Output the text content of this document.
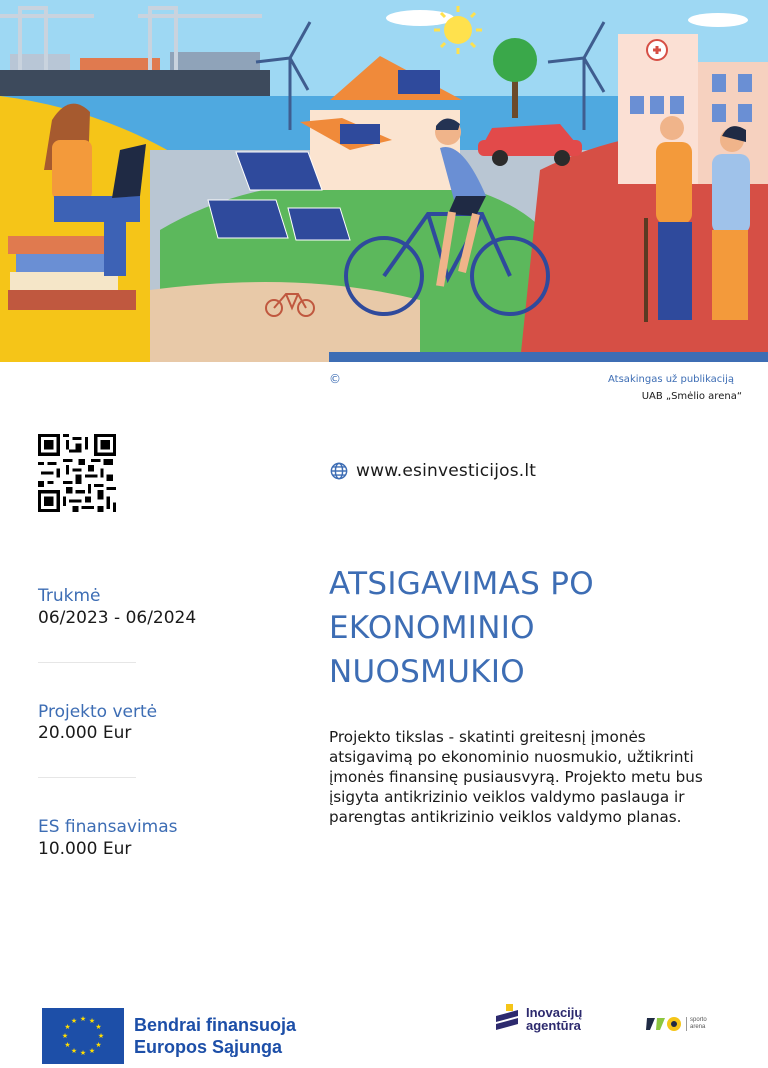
©	Atsakingas už publikaciją
UAB „Smėlio arena“
www.esinvesticijos.lt
Trukmė
06/2023 - 06/2024
Projekto vertė
20.000 Eur
ES finansavimas
10.000 Eur
ATSIGAVIMAS PO
EKONOMINIO
NUOSMUKIO
Projekto tikslas - skatinti greitesnį įmonės atsigavimą po ekonominio nuosmukio, užtikrinti įmonės finansinę pusiausvyrą. Projekto metu bus įsigyta antikrizinio veiklos valdymo paslauga ir parengtas antikrizinio veiklos valdymo planas.
★ ★
★
★
★
★
★
★
★
★
★
★	Bendrai finansuoja
Europos Sąjunga
Inovacijų
agentūra	sporto
arena
